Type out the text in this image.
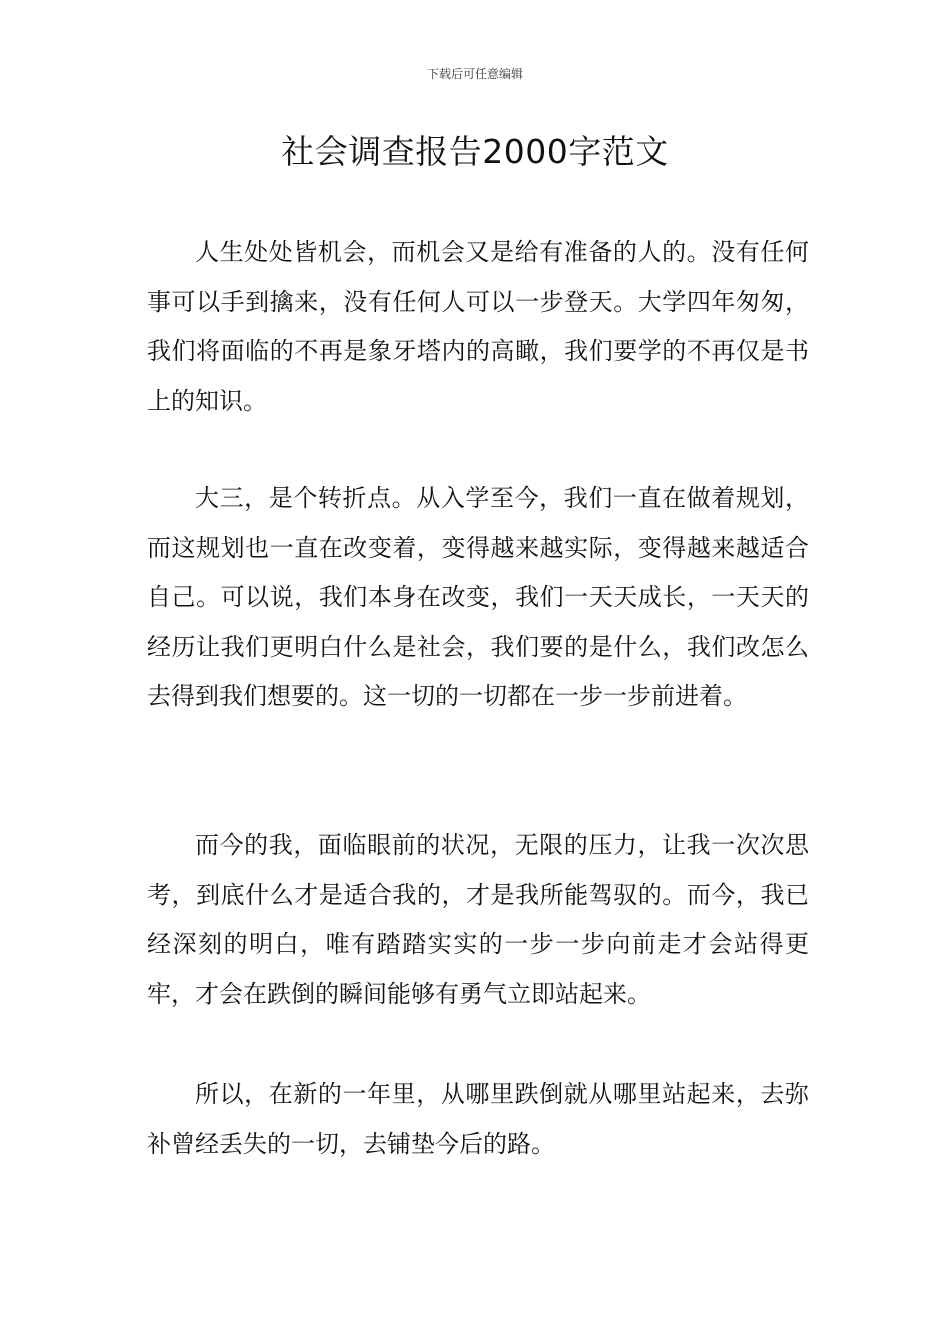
下载后可任意编辑
社会调查报告2000字范文

人生处处皆机会，而机会又是给有准备的人的。没有任何事可以手到擒来，没有任何人可以一步登天。大学四年匆匆，我们将面临的不再是象牙塔内的高瞰，我们要学的不再仅是书上的知识。

大三，是个转折点。从入学至今，我们一直在做着规划，而这规划也一直在改变着，变得越来越实际，变得越来越适合自己。可以说，我们本身在改变，我们一天天成长，一天天的经历让我们更明白什么是社会，我们要的是什么，我们改怎么去得到我们想要的。这一切的一切都在一步一步前进着。

而今的我，面临眼前的状况，无限的压力，让我一次次思考，到底什么才是适合我的，才是我所能驾驭的。而今，我已经深刻的明白，唯有踏踏实实的一步一步向前走才会站得更牢，才会在跌倒的瞬间能够有勇气立即站起来。

所以，在新的一年里，从哪里跌倒就从哪里站起来，去弥补曾经丢失的一切，去铺垫今后的路。
